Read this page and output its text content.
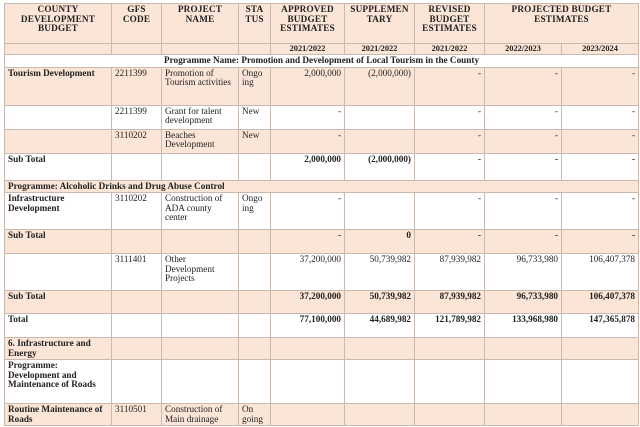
COUNTY DEVELOPMENT BUDGET	GFS CODE	PROJECT NAME	STA TUS	APPROVED BUDGET ESTIMATES	SUPPLEMEN TARY	REVISED BUDGET ESTIMATES	PROJECTED BUDGET ESTIMATES	
				2021/2022	2021/2022	2021/2022	2022/2023	2023/2024
Programme Name: Promotion and Development of Local Tourism in the County								
Tourism Development	2211399	Promotion of Tourism activities	Ongo ing	2,000,000	(2,000,000)	-	-	-
	2211399	Grant for talent development	New	-		-	-	-
	3110202	Beaches Development	New	-		-	-	-
Sub Total				2,000,000	(2,000,000)	-	-	-
Programme: Alcoholic Drinks and Drug Abuse Control								
Infrastructure Development	3110202	Construction of ADA county center	Ongo ing	-		-	-	-
Sub Total				-	0	-	-	-
	3111401	Other Development Projects		37,200,000	50,739,982	87,939,982	96,733,980	106,407,378
Sub Total				37,200,000	50,739,982	87,939,982	96,733,980	106,407,378
Total				77,100,000	44,689,982	121,789,982	133,968,980	147,365,878
6. Infrastructure and Energy								
Programme: Development and Maintenance of Roads								
Routine Maintenance of Roads	3110501	Construction of Main drainage	On going					
